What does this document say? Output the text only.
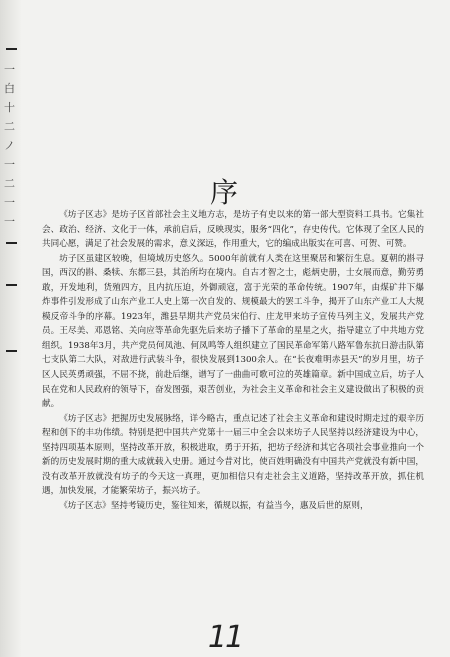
一白十二ノ一二一一
序

《坊子区志》是坊子区首部社会主义地方志，是坊子有史以来的第一部大型资料工具书。它集社会、政治、经济、文化于一体，承前启后，反映现实，服务“四化”，存史传代。它体现了全区人民的共同心愿，满足了社会发展的需求，意义深远，作用重大，它的编成出版实在可喜、可贺、可赞。

坊子区虽建区较晚，但境域历史悠久。5000年前就有人类在这里聚居和繁衍生息。夏朝的斟寻国，西汉的斟、桑犊、东都三县，其治所均在境内。自古才智之士，彪炳史册，士女展而意，勤劳勇敢，开发地利，货殖四方，且内抗压迫，外御顽寇，富于光荣的革命传统。1907年，由煤矿井下爆炸事件引发形成了山东产业工人史上第一次自发的、规模最大的罢工斗争，揭开了山东产业工人大规模反帝斗争的序幕。1923年，潍县早期共产党员宋伯行、庄龙甲来坊子宣传马列主义，发展共产党员。王尽美、邓恩铭、关向应等革命先驱先后来坊子播下了革命的星星之火，指导建立了中共地方党组织。1938年3月，共产党员何凤池、何凤鸣等人组织建立了国民革命军第八路军鲁东抗日游击队第七支队第二大队，对敌进行武装斗争，很快发展到1300余人。在“长夜难明赤县天”的岁月里，坊子区人民英勇顽强，不屈不挠，前赴后继，谱写了一曲曲可歌可泣的英雄篇章。新中国成立后，坊子人民在党和人民政府的领导下，奋发图强，艰苦创业，为社会主义革命和社会主义建设做出了积极的贡献。

《坊子区志》把握历史发展脉络，详今略古，重点记述了社会主义革命和建设时期走过的艰辛历程和创下的丰功伟绩。特别是把中国共产党第十一届三中全会以来坊子人民坚持以经济建设为中心，坚持四项基本原则，坚持改革开放，积极进取，勇于开拓，把坊子经济和其它各项社会事业推向一个新的历史发展时期的重大成就载入史册。通过今昔对比，使百姓明确没有中国共产党就没有新中国，没有改革开放就没有坊子的今天这一真理，更加相信只有走社会主义道路，坚持改革开放，抓住机遇，加快发展，才能繁荣坊子，振兴坊子。

《坊子区志》坚持考镜历史，鉴往知来，循规以振，有益当今，惠及后世的原则，

11
